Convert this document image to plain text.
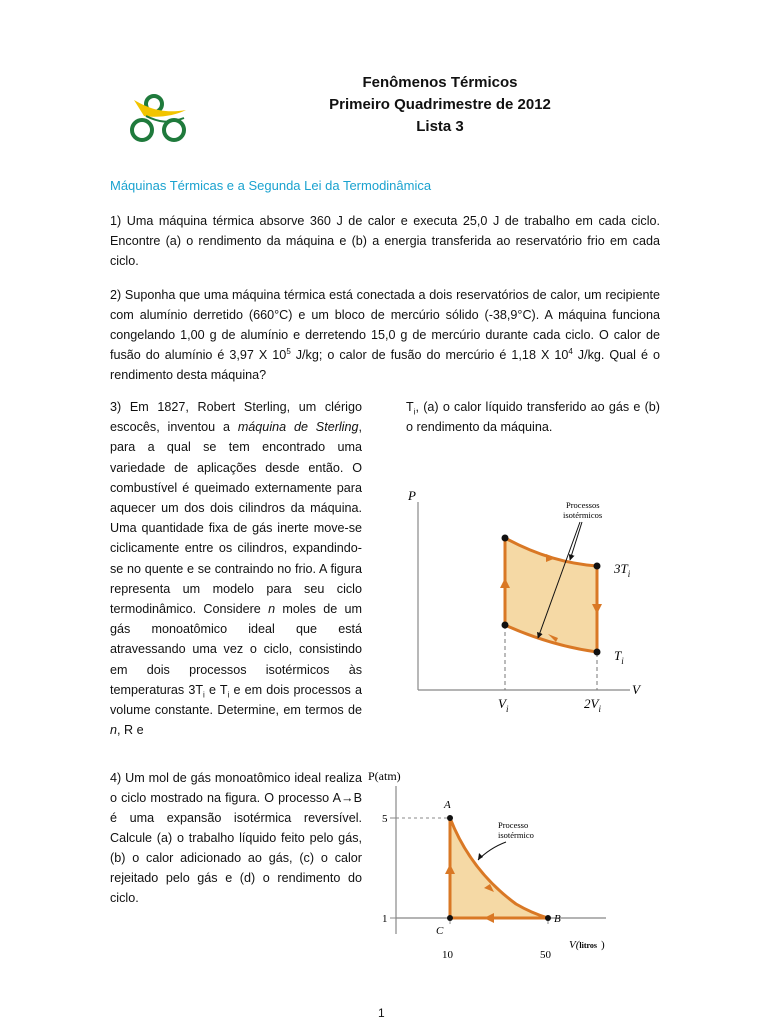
Fenômenos Térmicos
Primeiro Quadrimestre de 2012
Lista 3
Máquinas Térmicas e a Segunda Lei da Termodinâmica
1) Uma máquina térmica absorve 360 J de calor e executa 25,0 J de trabalho em cada ciclo. Encontre (a) o rendimento da máquina e (b) a energia transferida ao reservatório frio em cada ciclo.
2) Suponha que uma máquina térmica está conectada a dois reservatórios de calor, um recipiente com alumínio derretido (660°C) e um bloco de mercúrio sólido (-38,9°C). A máquina funciona congelando 1,00 g de alumínio e derretendo 15,0 g de mercúrio durante cada ciclo. O calor de fusão do alumínio é 3,97 X $10^5$ J/kg; o calor de fusão do mercúrio é 1,18 X $10^4$ J/kg. Qual é o rendimento desta máquina?
3) Em 1827, Robert Sterling, um clérigo escocês, inventou a máquina de Sterling, para a qual se tem encontrado uma variedade de aplicações desde então. O combustível é queimado externamente para aquecer um dos dois cilindros da máquina. Uma quantidade fixa de gás inerte move-se ciclicamente entre os cilindros, expandindo-se no quente e se contraindo no frio. A figura representa um modelo para seu ciclo termodinâmico. Considere n moles de um gás monoatômico ideal que está atravessando uma vez o ciclo, consistindo em dois processos isotérmicos às temperaturas $3T_i$ e $T_i$ e em dois processos a volume constante. Determine, em termos de n, R e
$T_i$, (a) o calor líquido transferido ao gás e (b) o rendimento da máquina.
P
V
Processos
isotérmicos
$3T_i$
$T_i$
$V_i$	$2V_i$
4) Um mol de gás monoatômico ideal realiza o ciclo mostrado na figura. O processo A→B é uma expansão isotérmica reversível. Calcule (a) o trabalho líquido feito pelo gás, (b) o calor adicionado ao gás, (c) o calor rejeitado pelo gás e (d) o rendimento do ciclo.
P(atm)
V(litros )
5
1
10	50
A
B
C
Processo
isotérmico
1
